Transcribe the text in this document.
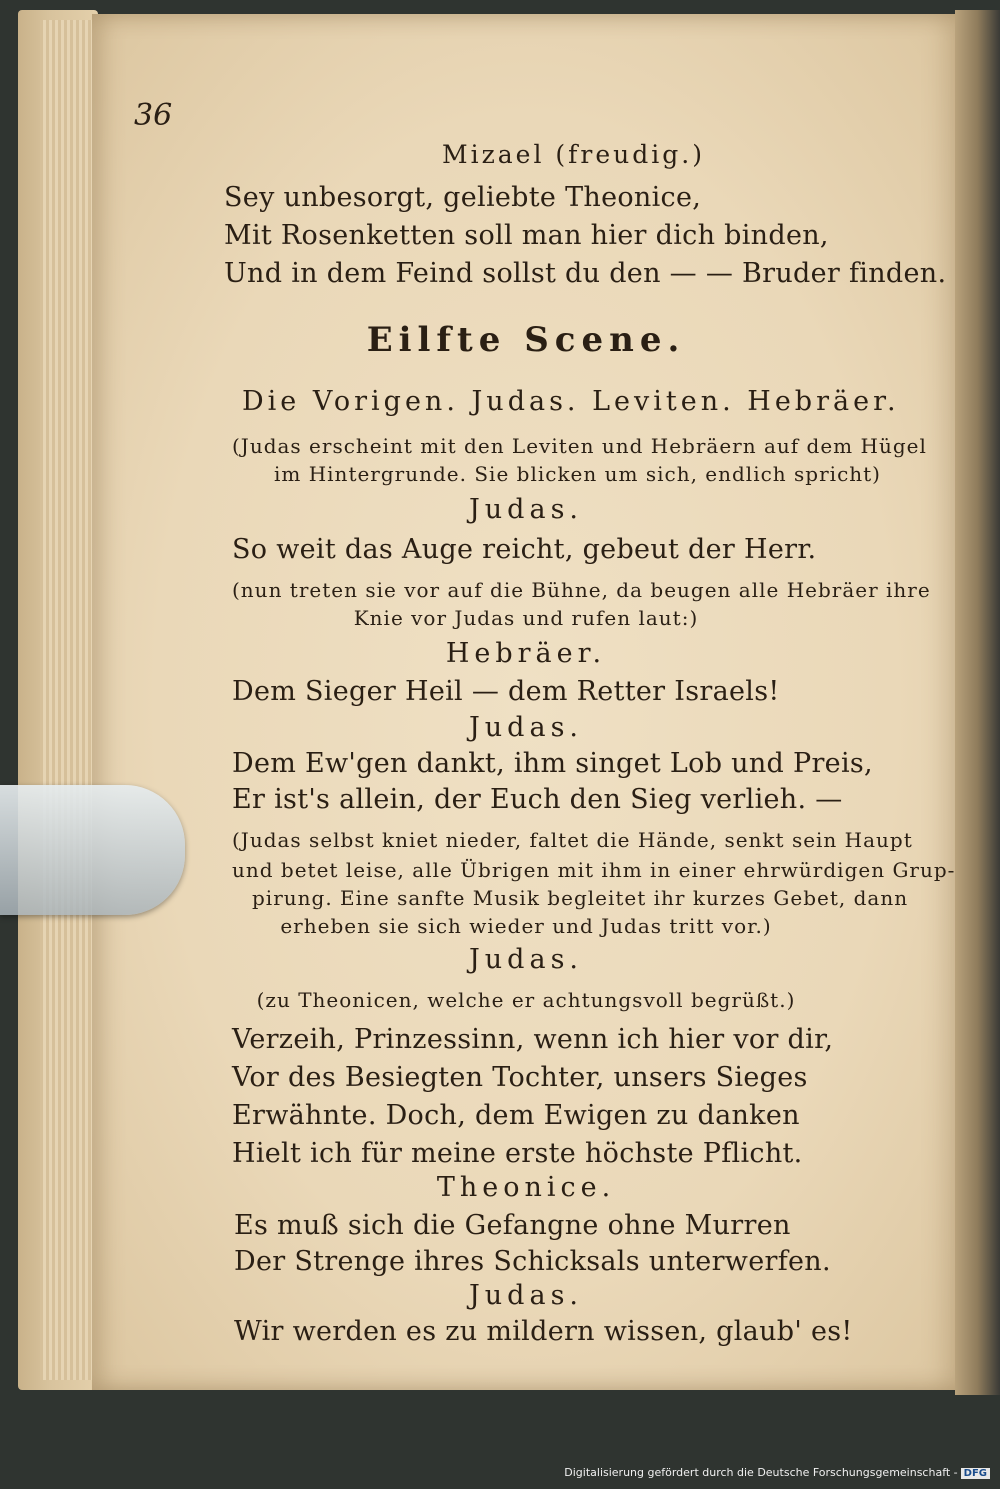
36
Mizael (freudig.)
Sey unbesorgt, geliebte Theonice,
Mit Rosenketten soll man hier dich binden,
Und in dem Feind sollst du den — — Bruder finden.
Eilfte Scene.
Die Vorigen. Judas. Leviten. Hebräer.
(Judas erscheint mit den Leviten und Hebräern auf dem Hügel
im Hintergrunde. Sie blicken um sich, endlich spricht)
Judas.
So weit das Auge reicht, gebeut der Herr.
(nun treten sie vor auf die Bühne, da beugen alle Hebräer ihre
Knie vor Judas und rufen laut:)
Hebräer.
Dem Sieger Heil — dem Retter Israels!
Judas.
Dem Ew'gen dankt, ihm singet Lob und Preis,
Er ist's allein, der Euch den Sieg verlieh. —
(Judas selbst kniet nieder, faltet die Hände, senkt sein Haupt
und betet leise, alle Übrigen mit ihm in einer ehrwürdigen Grup-
pirung. Eine sanfte Musik begleitet ihr kurzes Gebet, dann
erheben sie sich wieder und Judas tritt vor.)
Judas.
(zu Theonicen, welche er achtungsvoll begrüßt.)
Verzeih, Prinzessinn, wenn ich hier vor dir,
Vor des Besiegten Tochter, unsers Sieges
Erwähnte. Doch, dem Ewigen zu danken
Hielt ich für meine erste höchste Pflicht.
Theonice.
Es muß sich die Gefangne ohne Murren
Der Strenge ihres Schicksals unterwerfen.
Judas.
Wir werden es zu mildern wissen, glaub' es!
Digitalisierung gefördert durch die Deutsche Forschungsgemeinschaft - DFG
